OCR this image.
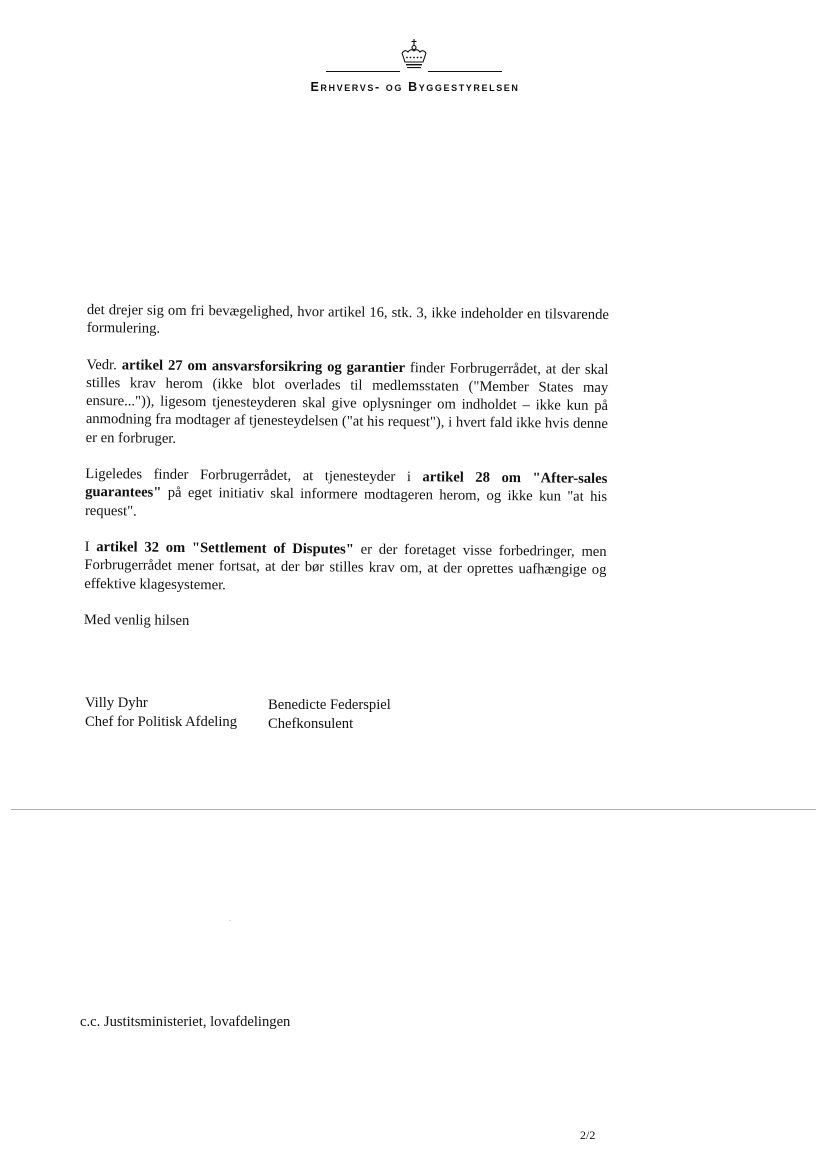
Erhvervs- og Byggestyrelsen

det drejer sig om fri bevægelighed, hvor artikel 16, stk. 3, ikke indeholder en tilsvarende formulering.

Vedr. artikel 27 om ansvarsforsikring og garantier finder Forbrugerrådet, at der skal stilles krav herom (ikke blot overlades til medlemsstaten ("Member States may ensure...")), ligesom tjenesteyderen skal give oplysninger om indholdet – ikke kun på anmodning fra modtager af tjenesteydelsen ("at his request"), i hvert fald ikke hvis denne er en forbruger.

Ligeledes finder Forbrugerrådet, at tjenesteyder i artikel 28 om "After-sales guarantees" på eget initiativ skal informere modtageren herom, og ikke kun "at his request".

I artikel 32 om "Settlement of Disputes" er der foretaget visse forbedringer, men Forbrugerrådet mener fortsat, at der bør stilles krav om, at der oprettes uafhængige og effektive klagesystemer.

Med venlig hilsen

Villy Dyhr
Chef for Politisk Afdeling
Benedicte Federspiel
Chefkonsulent
c.c. Justitsministeriet, lovafdelingen
2/2
